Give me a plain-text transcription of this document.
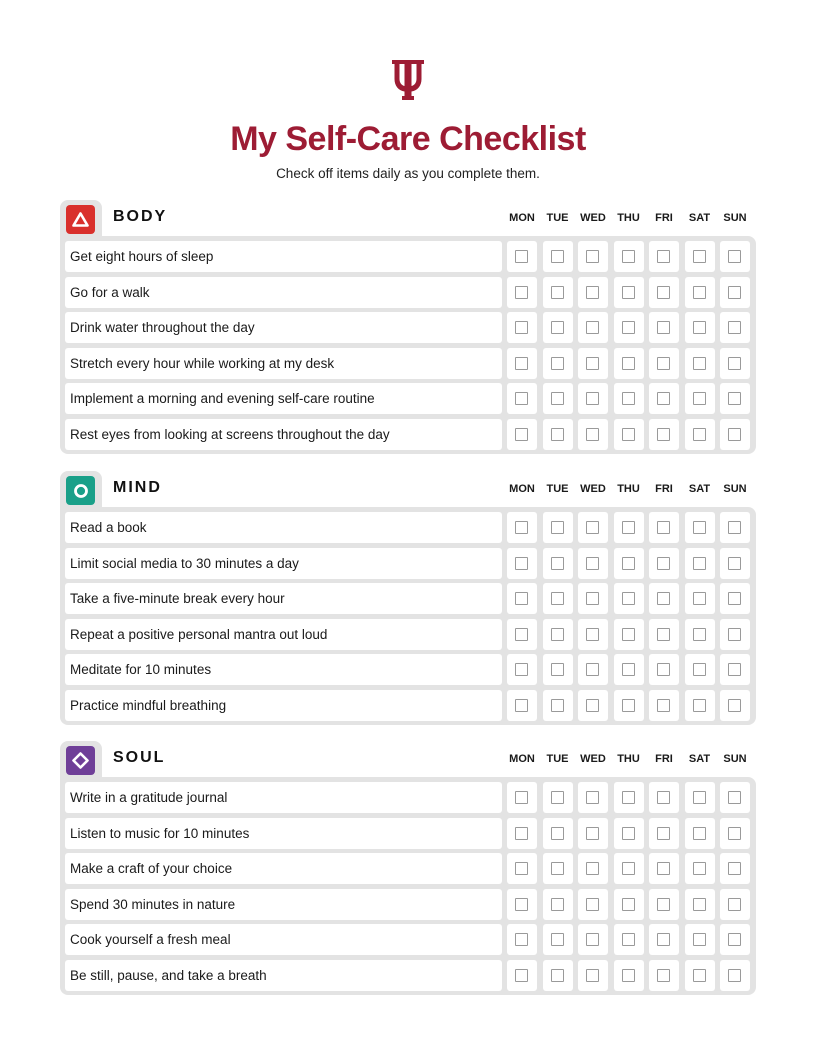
My Self-Care Checklist
Check off items daily as you complete them.
BODY	MON	TUE	WED	THU	FRI	SAT	SUN
Get eight hours of sleep
Go for a walk
Drink water throughout the day
Stretch every hour while working at my desk
Implement a morning and evening self-care routine
Rest eyes from looking at screens throughout the day
MIND	MON	TUE	WED	THU	FRI	SAT	SUN
Read a book
Limit social media to 30 minutes a day
Take a five-minute break every hour
Repeat a positive personal mantra out loud
Meditate for 10 minutes
Practice mindful breathing
SOUL	MON	TUE	WED	THU	FRI	SAT	SUN
Write in a gratitude journal
Listen to music for 10 minutes
Make a craft of your choice
Spend 30 minutes in nature
Cook yourself a fresh meal
Be still, pause, and take a breath
